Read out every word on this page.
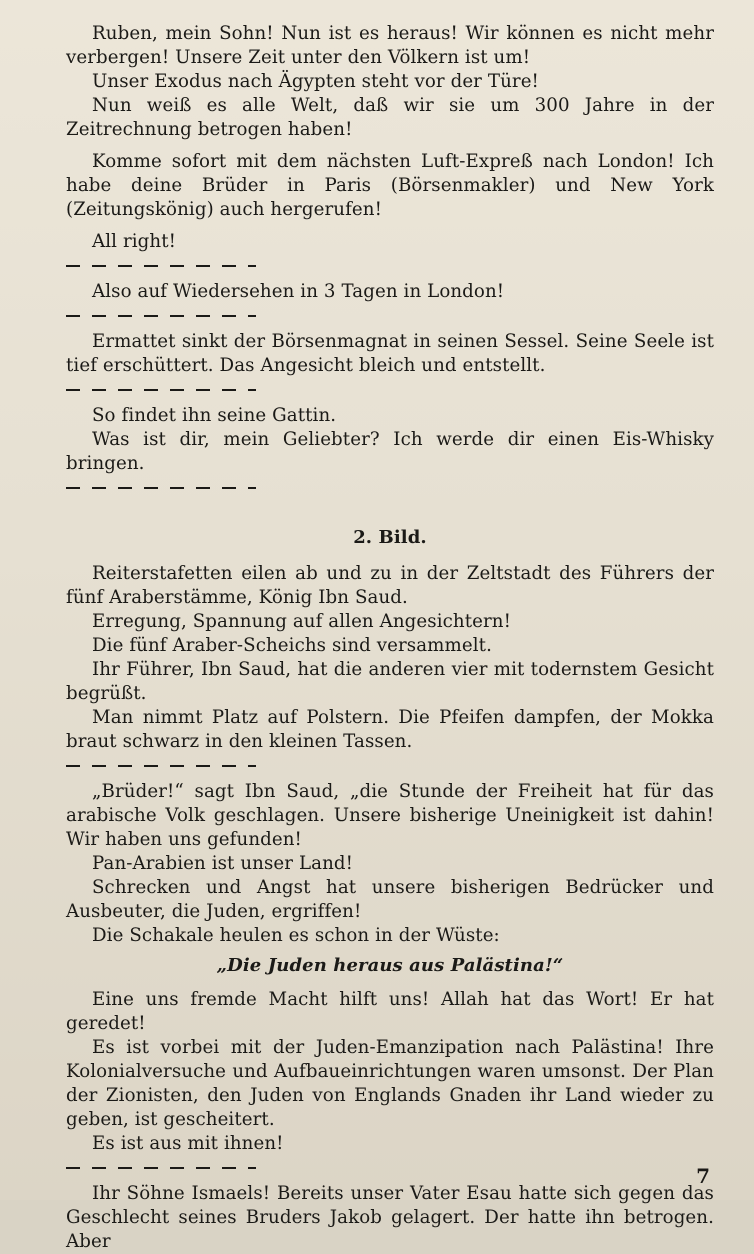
Ruben, mein Sohn! Nun ist es heraus! Wir können es nicht mehr verbergen! Unsere Zeit unter den Völkern ist um!

Unser Exodus nach Ägypten steht vor der Türe!

Nun weiß es alle Welt, daß wir sie um 300 Jahre in der Zeitrechnung betrogen haben!

Komme sofort mit dem nächsten Luft-Expreß nach London! Ich habe deine Brüder in Paris (Börsenmakler) und New York (Zeitungskönig) auch hergerufen!

All right!

Also auf Wiedersehen in 3 Tagen in London!

Ermattet sinkt der Börsenmagnat in seinen Sessel. Seine Seele ist tief erschüttert. Das Angesicht bleich und entstellt.

So findet ihn seine Gattin.

Was ist dir, mein Geliebter? Ich werde dir einen Eis-Whisky bringen.

2. Bild.

Reiterstafetten eilen ab und zu in der Zeltstadt des Führers der fünf Araberstämme, König Ibn Saud.

Erregung, Spannung auf allen Angesichtern!

Die fünf Araber-Scheichs sind versammelt.

Ihr Führer, Ibn Saud, hat die anderen vier mit todernstem Gesicht begrüßt.

Man nimmt Platz auf Polstern. Die Pfeifen dampfen, der Mokka braut schwarz in den kleinen Tassen.

„Brüder!“ sagt Ibn Saud, „die Stunde der Freiheit hat für das arabische Volk geschlagen. Unsere bisherige Uneinigkeit ist dahin! Wir haben uns gefunden!

Pan-Arabien ist unser Land!

Schrecken und Angst hat unsere bisherigen Bedrücker und Ausbeuter, die Juden, ergriffen!

Die Schakale heulen es schon in der Wüste:

„Die Juden heraus aus Palästina!“

Eine uns fremde Macht hilft uns! Allah hat das Wort! Er hat geredet!

Es ist vorbei mit der Juden-Emanzipation nach Palästina! Ihre Kolonialversuche und Aufbaueinrichtungen waren umsonst. Der Plan der Zionisten, den Juden von Englands Gnaden ihr Land wieder zu geben, ist gescheitert.

Es ist aus mit ihnen!

Ihr Söhne Ismaels! Bereits unser Vater Esau hatte sich gegen das Geschlecht seines Bruders Jakob gelagert. Der hatte ihn betrogen. Aber

7
